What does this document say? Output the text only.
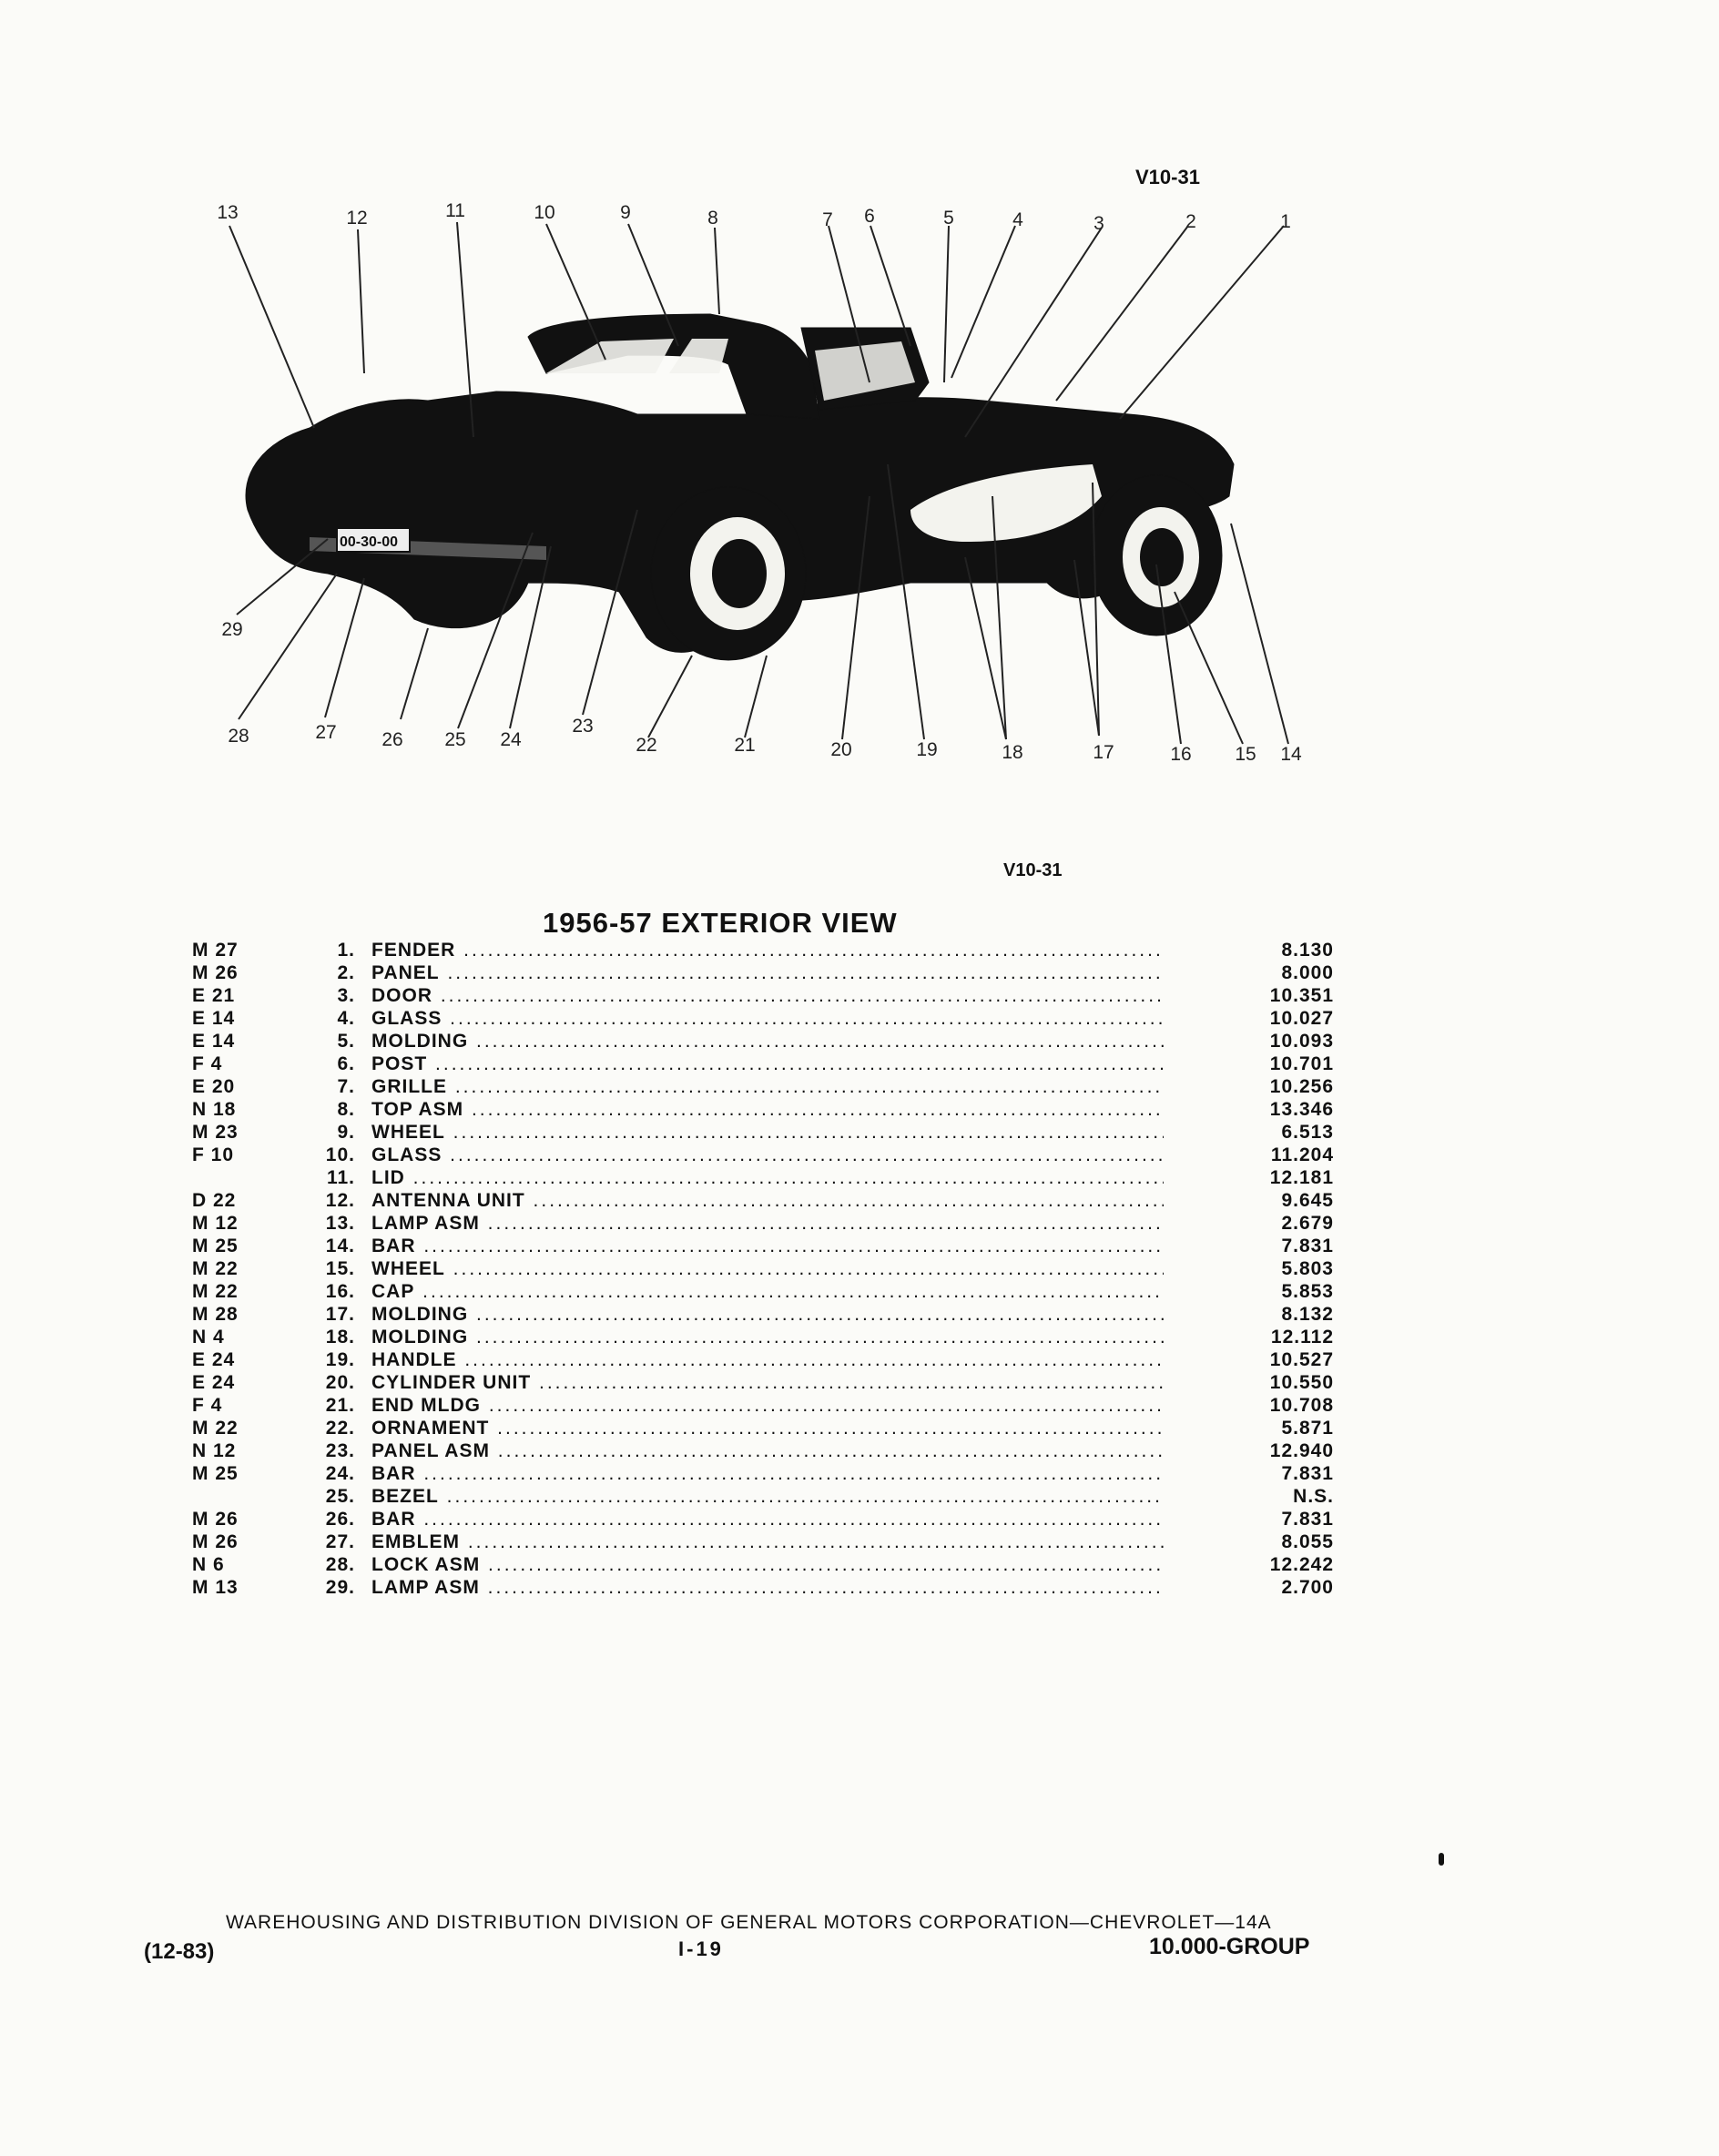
00-30-00
V10-31
V10-31
1
2
3
4
5
6
7
8
9
10
11
12
13
14
15
16
17
18
19
20
21
22
23
24
25
26
27
28
29
1956-57 EXTERIOR VIEW
M 27	1. FENDER .....	8.130
M 26	2. PANEL .....	8.000
E 21	3. DOOR .....	10.351
E 14	4. GLASS .....	10.027
E 14	5. MOLDING .....	10.093
F 4	6. POST .....	10.701
E 20	7. GRILLE .....	10.256
N 18	8. TOP ASM .....	13.346
M 23	9. WHEEL .....	6.513
F 10	10. GLASS .....	11.204
11. LID .....	12.181
D 22	12. ANTENNA UNIT .....	9.645
M 12	13. LAMP ASM .....	2.679
M 25	14. BAR .....	7.831
M 22	15. WHEEL .....	5.803
M 22	16. CAP .....	5.853
M 28	17. MOLDING .....	8.132
N 4	18. MOLDING .....	12.112
E 24	19. HANDLE .....	10.527
E 24	20. CYLINDER UNIT .....	10.550
F 4	21. END MLDG .....	10.708
M 22	22. ORNAMENT .....	5.871
N 12	23. PANEL ASM .....	12.940
M 25	24. BAR .....	7.831
25. BEZEL .....	N.S.
M 26	26. BAR .....	7.831
M 26	27. EMBLEM .....	8.055
N 6	28. LOCK ASM .....	12.242
M 13	29. LAMP ASM .....	2.700
WAREHOUSING AND DISTRIBUTION DIVISION OF GENERAL MOTORS CORPORATION—CHEVROLET—14A
(12-83)	I-19	10.000-GROUP
